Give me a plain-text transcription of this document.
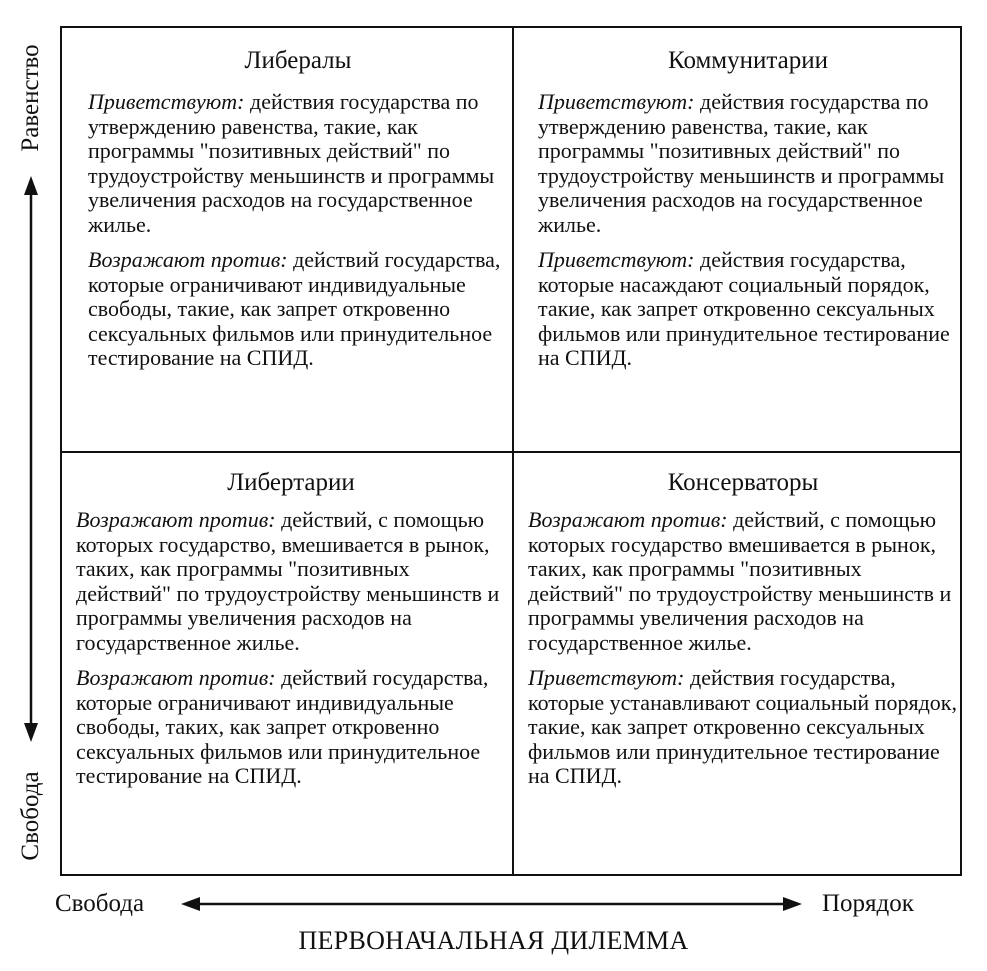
Равенство
Свобода
Свобода	Порядок
ПЕРВОНАЧАЛЬНАЯ ДИЛЕММА
Либералы

Приветствуют: действия государства по утверждению равенства, такие, как программы "позитивных действий" по трудоустройству меньшинств и программы увеличения расходов на государственное жилье.

Возражают против: действий государства, которые ограничивают индивидуальные свободы, такие, как запрет откровенно сексуальных фильмов или принудительное тестирование на СПИД.

Коммунитарии

Приветствуют: действия государства по утверждению равенства, такие, как программы "позитивных действий" по трудоустройству меньшинств и программы увеличения расходов на государственное жилье.

Приветствуют: действия государства, которые насаждают социальный порядок, такие, как запрет откровенно сексуальных фильмов или принудительное тестирование на СПИД.

Либертарии

Возражают против: действий, с помощью которых государство, вмешивается в рынок, таких, как программы "позитивных действий" по трудоустройству меньшинств и программы увеличения расходов на государственное жилье.

Возражают против: действий государства, которые ограничивают индивидуальные свободы, таких, как запрет откровенно сексуальных фильмов или принудительное тестирование на СПИД.

Консерваторы

Возражают против: действий, с помощью которых государство вмешивается в рынок, таких, как программы "позитивных действий" по трудоустройству меньшинств и программы увеличения расходов на государственное жилье.

Приветствуют: действия государства, которые устанавливают социальный порядок, такие, как запрет откровенно сексуальных фильмов или принудительное тестирование на СПИД.
